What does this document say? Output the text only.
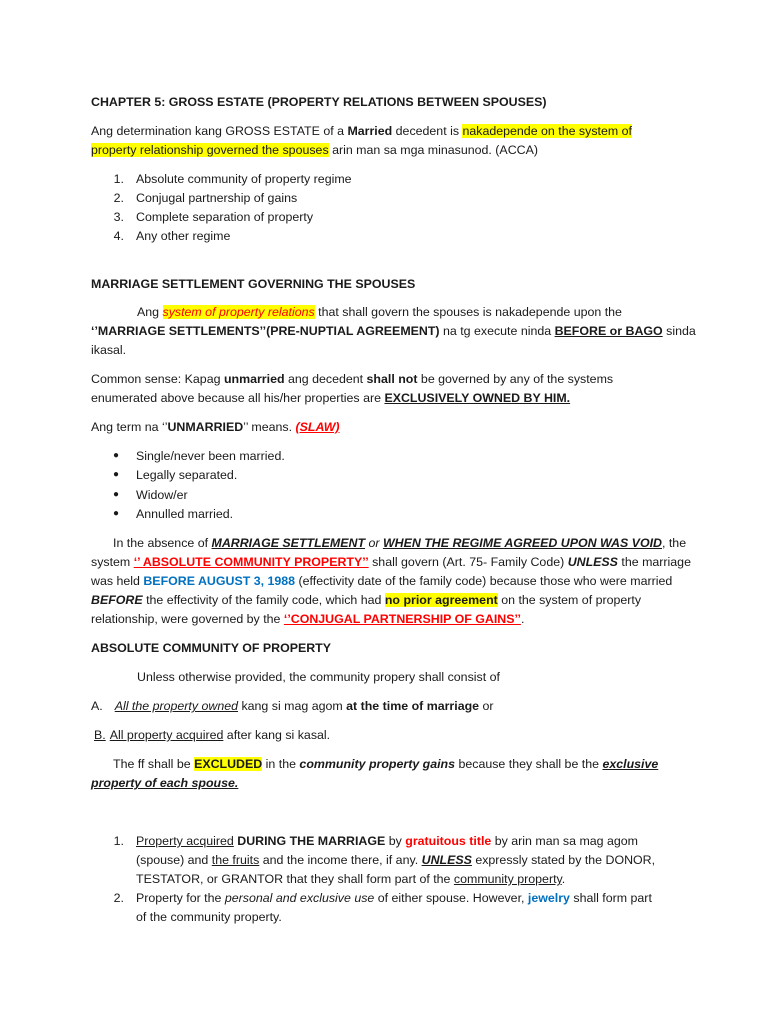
CHAPTER 5: GROSS ESTATE (PROPERTY RELATIONS BETWEEN SPOUSES)
Ang determination kang GROSS ESTATE of a Married decedent is nakadepende on the system of
property relationship governed the spouses arin man sa mga minasunod. (ACCA)
1. Absolute community of property regime
2. Conjugal partnership of gains
3. Complete separation of property
4. Any other regime
MARRIAGE SETTLEMENT GOVERNING THE SPOUSES
Ang system of property relations that shall govern the spouses is nakadepende upon the
‘’MARRIAGE SETTLEMENTS’’(PRE-NUPTIAL AGREEMENT) na tg execute ninda BEFORE or BAGO sinda
ikasal.
Common sense: Kapag unmarried ang decedent shall not be governed by any of the systems
enumerated above because all his/her properties are EXCLUSIVELY OWNED BY HIM.
Ang term na ‘’UNMARRIED’’ means. (SLAW)
● Single/never been married.
● Legally separated.
● Widow/er
● Annulled married.
In the absence of MARRIAGE SETTLEMENT or WHEN THE REGIME AGREED UPON WAS VOID, the
system ‘’ ABSOLUTE COMMUNITY PROPERTY’’ shall govern (Art. 75- Family Code) UNLESS the marriage
was held BEFORE AUGUST 3, 1988 (effectivity date of the family code) because those who were married
BEFORE the effectivity of the family code, which had no prior agreement on the system of property
relationship, were governed by the ‘’CONJUGAL PARTNERSHIP OF GAINS’’.
ABSOLUTE COMMUNITY OF PROPERTY
Unless otherwise provided, the community propery shall consist of
A. All the property owned kang si mag agom at the time of marriage or
B. All property acquired after kang si kasal.
The ff shall be EXCLUDED in the community property gains because they shall be the exclusive
property of each spouse.
1. Property acquired DURING THE MARRIAGE by gratuitous title by arin man sa mag agom
(spouse) and the fruits and the income there, if any. UNLESS expressly stated by the DONOR,
TESTATOR, or GRANTOR that they shall form part of the community property.
2. Property for the personal and exclusive use of either spouse. However, jewelry shall form part
of the community property.
